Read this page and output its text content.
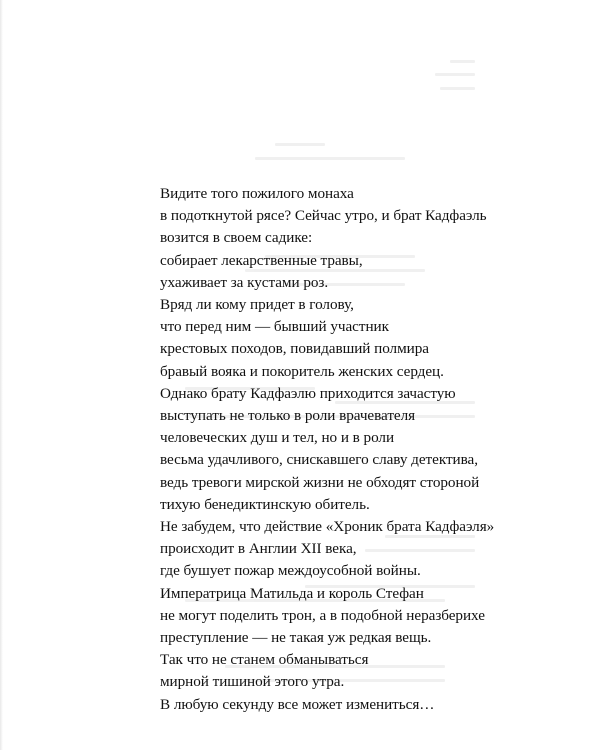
Видите того пожилого монаха
в подоткнутой рясе? Сейчас утро, и брат Кадфаэль
возится в своем садике:
собирает лекарственные травы,
ухаживает за кустами роз.
Вряд ли кому придет в голову,
что перед ним — бывший участник
крестовых походов, повидавший полмира
бравый вояка и покоритель женских сердец.
Однако брату Кадфаэлю приходится зачастую
выступать не только в роли врачевателя
человеческих душ и тел, но и в роли
весьма удачливого, снискавшего славу детектива,
ведь тревоги мирской жизни не обходят стороной
тихую бенедиктинскую обитель.
Не забудем, что действие «Хроник брата Кадфаэля»
происходит в Англии XII века,
где бушует пожар междоусобной войны.
Императрица Матильда и король Стефан
не могут поделить трон, а в подобной неразберихе
преступление — не такая уж редкая вещь.
Так что не станем обманываться
мирной тишиной этого утра.
В любую секунду все может измениться…
